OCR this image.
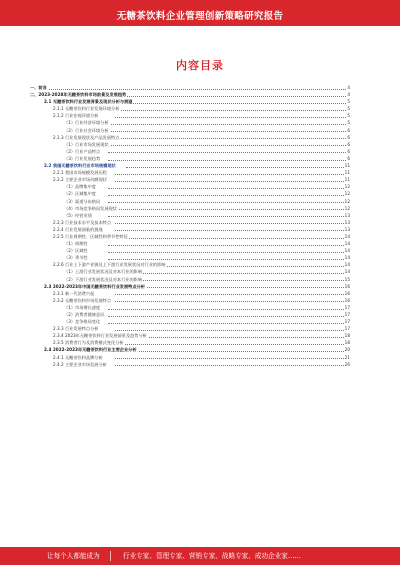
无糖茶饮料企业管理创新策略研究报告
内容目录
一、前言	4
二、2023-2028年无糖茶饮料市场前景及发展趋势	4
2.1 无糖茶饮料行业发展背景及现状分析与展望	5
2.1.1 无糖茶饮料行业发展环境分析	5
2.1.2 行业宏观环境分析	5
（1）行业经济环境分析	5
（2）行业社会环境分析	6
2.1.3 行业发展现状及产品发展特点	6
（1）行业市场发展现状	6
（2）行业产品特点	6
（3）行业发展趋势	6
2.2 我国无糖茶饮料行业市场规模现状	11
2.2.1 我国市场规模发展历程	11
2.2.2 主要企业市场份额现状	11
（1）品牌集中度	12
（2）区域集中度	12
（3）渠道分布格局	12
（4）市场竞争格局发展现状	12
（5）经营业绩	13
2.2.3 行业技术水平及技术特点	13
2.2.4 行业发展面临的挑战	13
2.2.5 行业周期性、区域性和季节性特征	14
（1）周期性	14
（2）区域性	14
（3）季节性	14
2.2.6 行业上下游产业链及上下游行业发展状况对行业的影响	14
（1）上游行业发展状况及对本行业的影响	14
（2）下游行业发展状况及对本行业的影响	15
2.3 2022-2023年中国无糖茶饮料行业发展特点分析	16
2.3.1 新一代消费兴起	16
2.3.2 无糖茶饮料市场发展特点	16
（1）市场增长速度	17
（2）消费者健康意识	17
（3）竞争格局变化	17
2.3.3 行业发展特点分析	17
2.3.4 2023年无糖茶饮料行业发展前景及趋势分析	18
2.3.5 消费者行为及消费模式变化分析	18
2.4 2022-2023年无糖茶饮料行业主要企业分析	20
2.4.1 无糖茶饮料品牌分析	21
2.4.2 主要企业市场发展分析	26
让每个人都能成为	行业专家、管理专家、营销专家、战略专家、成功企业家……
